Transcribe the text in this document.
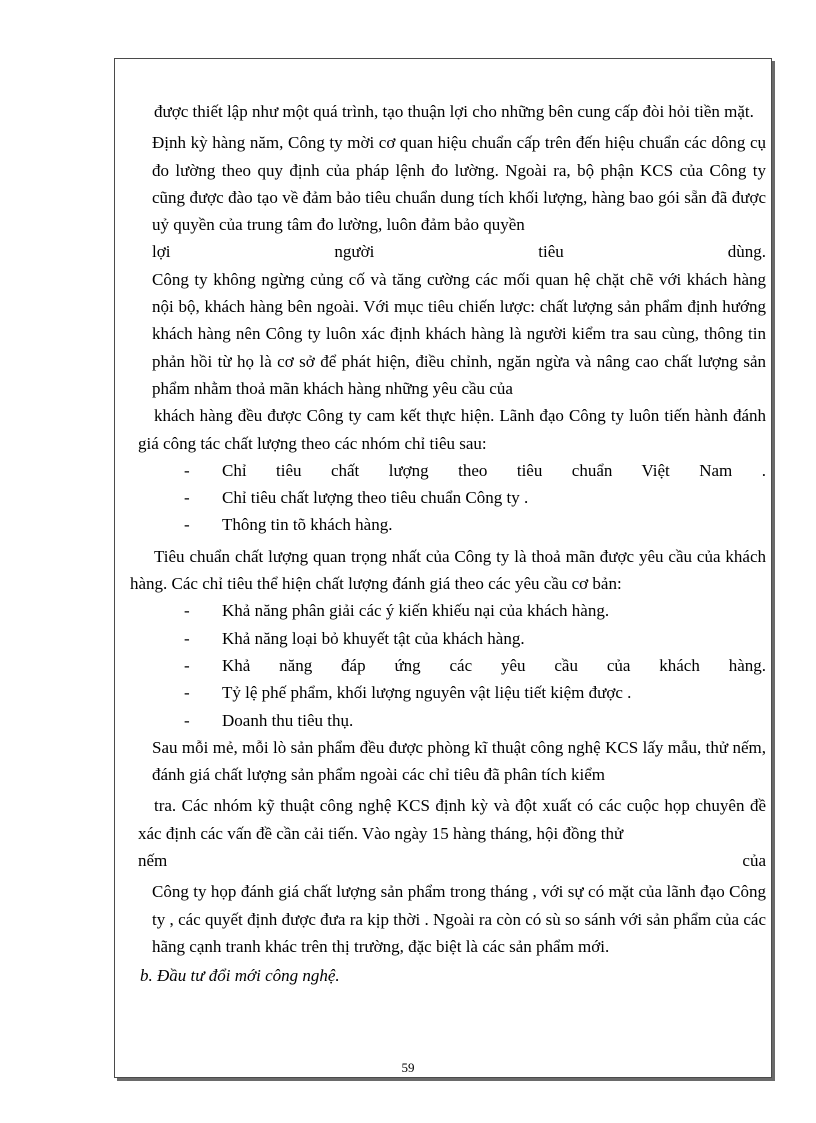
được thiết lập như một quá trình, tạo thuận lợi cho những bên cung cấp đòi hỏi tiền mặt.

Định kỳ hàng năm, Công ty mời cơ quan hiệu chuẩn cấp trên đến hiệu chuẩn các dông cụ đo lường theo quy định của pháp lệnh đo lường. Ngoài ra, bộ phận KCS của Công ty cũng được đào tạo về đảm bảo tiêu chuẩn dung tích khối lượng, hàng bao gói sẵn đã được uỷ quyền của trung tâm đo lường, luôn đảm bảo quyền

lợi người tiêu dùng.

Công ty không ngừng củng cố và tăng cường các mối quan hệ chặt chẽ với khách hàng nội bộ, khách hàng bên ngoài. Với mục tiêu chiến lược: chất lượng sản phẩm định hướng khách hàng nên Công ty luôn xác định khách hàng là người kiểm tra sau cùng, thông tin phản hồi từ họ là cơ sở để phát hiện, điều chỉnh, ngăn ngừa và nâng cao chất lượng sản phẩm nhằm thoả mãn khách hàng những yêu cầu của

khách hàng đều được Công ty cam kết thực hiện. Lãnh đạo Công ty luôn tiến hành đánh giá công tác chất lượng theo các nhóm chỉ tiêu sau:

- Chỉ tiêu chất lượng theo tiêu chuẩn Việt Nam .
- Chỉ tiêu chất lượng theo tiêu chuẩn Công ty .
- Thông tin tõ khách hàng.

Tiêu chuẩn chất lượng quan trọng nhất của Công ty là thoả mãn được yêu cầu của khách hàng. Các chỉ tiêu thể hiện chất lượng đánh giá theo các yêu cầu cơ bản:

- Khả năng phân giải các ý kiến khiếu nại của khách hàng.
- Khả năng loại bỏ khuyết tật của khách hàng.
- Khả năng đáp ứng các yêu cầu của khách hàng.
- Tỷ lệ phế phẩm, khối lượng nguyên vật liệu tiết kiệm được .
- Doanh thu tiêu thụ.

Sau mỗi mẻ, mỗi lò sản phẩm đều được phòng kĩ thuật công nghệ KCS lấy mẫu, thử nếm, đánh giá chất lượng sản phẩm ngoài các chỉ tiêu đã phân tích kiểm

tra. Các nhóm kỹ thuật công nghệ KCS định kỳ và đột xuất có các cuộc họp chuyên đề xác định các vấn đề cần cải tiến. Vào ngày 15 hàng tháng, hội đồng thử

nếm của

Công ty họp đánh giá chất lượng sản phẩm trong tháng , với sự có mặt của lãnh đạo Công ty , các quyết định được đưa ra kịp thời . Ngoài ra còn có sù so sánh với sản phẩm của các hãng cạnh tranh khác trên thị trường, đặc biệt là các sản phẩm mới.

b. Đầu tư đổi mới công nghệ.

59
